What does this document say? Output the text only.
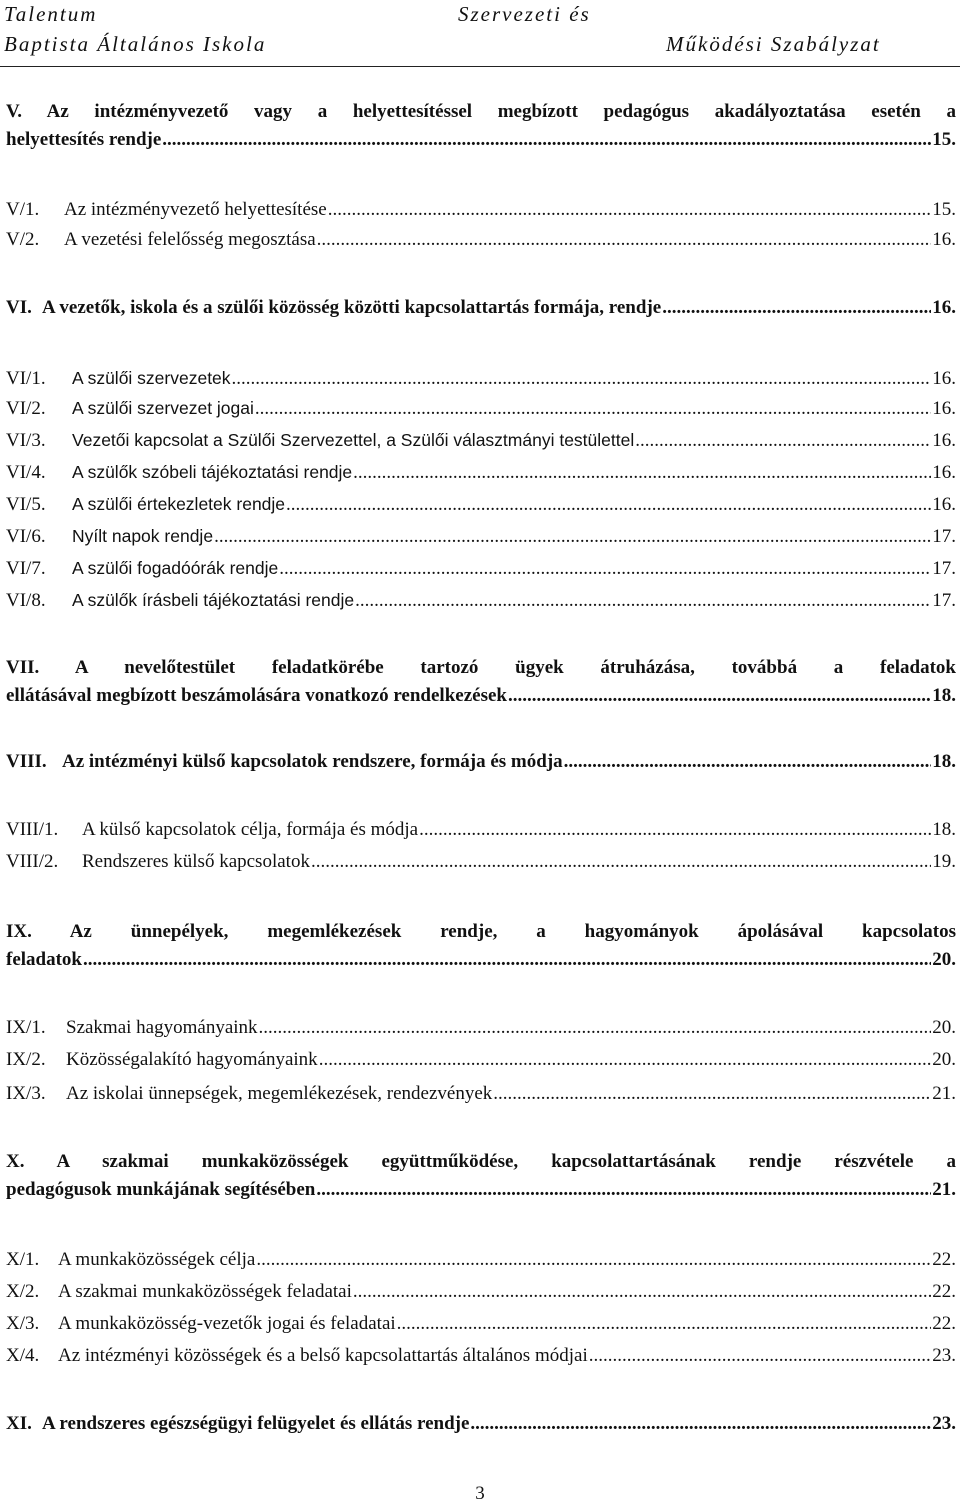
Talentum
Baptista Általános Iskola
Szervezeti és
Működési Szabályzat
V. Az intézményvezető vagy a helyettesítéssel megbízott pedagógus akadályoztatása esetén a
helyettesítés rendje .....	15.
V/1.	Az intézményvezető helyettesítése .....	15.
V/2.	A vezetési felelősség megosztása .....	16.
VI. A vezetők, iskola és a szülői közösség közötti kapcsolattartás formája, rendje .....	16.
VI/1.	A szülői szervezetek .....	16.
VI/2.	A szülői szervezet jogai .....	16.
VI/3.	Vezetői kapcsolat a Szülői Szervezettel, a Szülői választmányi testülettel .....	16.
VI/4.	A szülők szóbeli tájékoztatási rendje .....	16.
VI/5.	A szülői értekezletek rendje .....	16.
VI/6.	Nyílt napok rendje .....	17.
VI/7.	A szülői fogadóórák rendje .....	17.
VI/8.	A szülők írásbeli tájékoztatási rendje .....	17.
VII. A nevelőtestület feladatkörébe tartozó ügyek átruházása, továbbá a feladatok
ellátásával megbízott beszámolására vonatkozó rendelkezések .....	18.
VIII. Az intézményi külső kapcsolatok rendszere, formája és módja .....	18.
VIII/1.	A külső kapcsolatok célja, formája és módja .....	18.
VIII/2.	Rendszeres külső kapcsolatok .....	19.
IX. Az ünnepélyek, megemlékezések rendje, a hagyományok ápolásával kapcsolatos
feladatok .....	20.
IX/1.	Szakmai hagyományaink .....	20.
IX/2.	Közösségalakító hagyományaink .....	20.
IX/3.	Az iskolai ünnepségek, megemlékezések, rendezvények .....	21.
X. A szakmai munkaközösségek együttműködése, kapcsolattartásának rendje részvétele a
pedagógusok munkájának segítésében .....	21.
X/1. A munkaközösségek célja .....	22.
X/2. A szakmai munkaközösségek feladatai .....	22.
X/3. A munkaközösség-vezetők jogai és feladatai .....	22.
X/4. Az intézményi közösségek és a belső kapcsolattartás általános módjai .....	23.
XI. A rendszeres egészségügyi felügyelet és ellátás rendje .....	23.
3
